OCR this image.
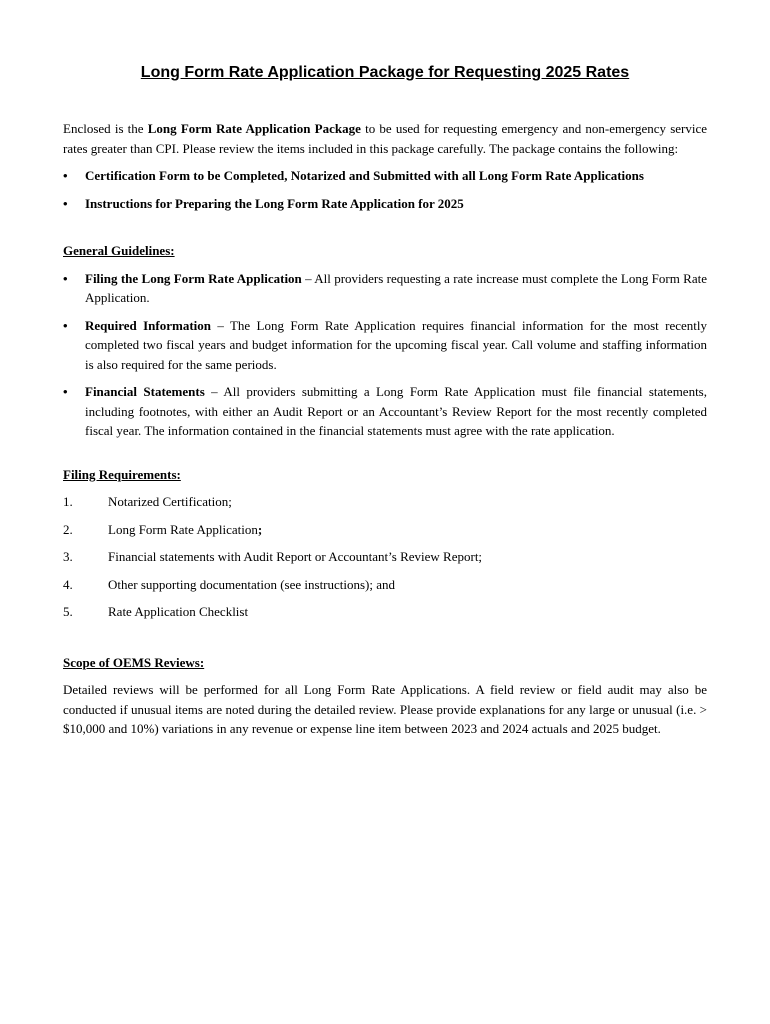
Long Form Rate Application Package for Requesting 2025 Rates

Enclosed is the Long Form Rate Application Package to be used for requesting emergency and non-emergency service rates greater than CPI. Please review the items included in this package carefully. The package contains the following:

• Certification Form to be Completed, Notarized and Submitted with all Long Form Rate Applications
• Instructions for Preparing the Long Form Rate Application for 2025

General Guidelines:

• Filing the Long Form Rate Application – All providers requesting a rate increase must complete the Long Form Rate Application.
• Required Information – The Long Form Rate Application requires financial information for the most recently completed two fiscal years and budget information for the upcoming fiscal year. Call volume and staffing information is also required for the same periods.
• Financial Statements – All providers submitting a Long Form Rate Application must file financial statements, including footnotes, with either an Audit Report or an Accountant’s Review Report for the most recently completed fiscal year. The information contained in the financial statements must agree with the rate application.

Filing Requirements:

1.	Notarized Certification;
2.	Long Form Rate Application;
3.	Financial statements with Audit Report or Accountant’s Review Report;
4.	Other supporting documentation (see instructions); and
5.	Rate Application Checklist

Scope of OEMS Reviews:

Detailed reviews will be performed for all Long Form Rate Applications. A field review or field audit may also be conducted if unusual items are noted during the detailed review. Please provide explanations for any large or unusual (i.e. > $10,000 and 10%) variations in any revenue or expense line item between 2023 and 2024 actuals and 2025 budget.
